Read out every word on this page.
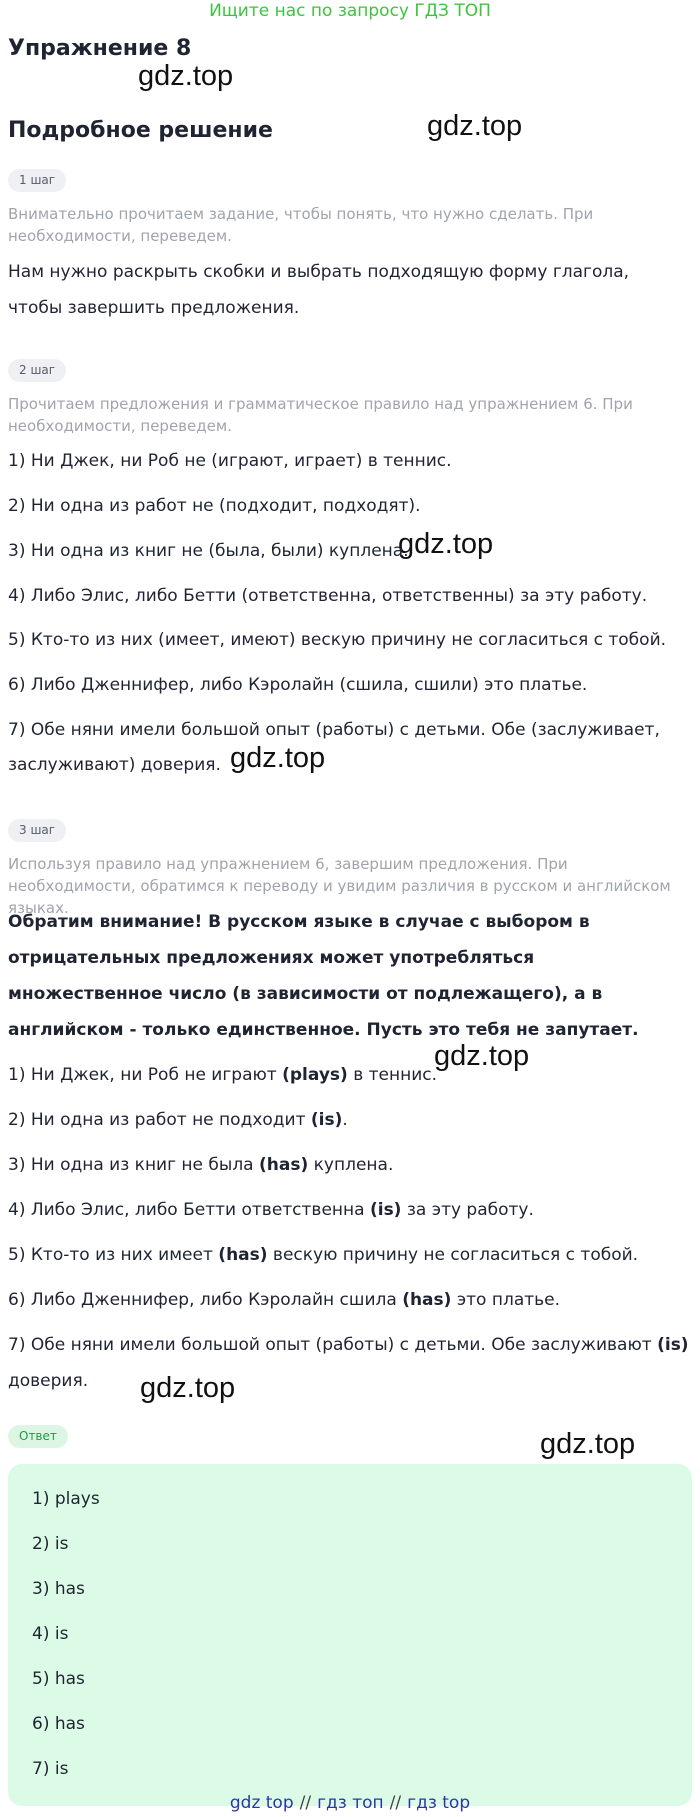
Ищите нас по запросу ГДЗ ТОП
Упражнение 8
Подробное решение
gdz.top
gdz.top
gdz.top
gdz.top
gdz.top
gdz.top
gdz.top
1 шаг
Внимательно прочитаем задание, чтобы понять, что нужно сделать. При необходимости, переведем.
Нам нужно раскрыть скобки и выбрать подходящую форму глагола, чтобы завершить предложения.
2 шаг
Прочитаем предложения и грамматическое правило над упражнением 6. При необходимости, переведем.
1) Ни Джек, ни Роб не (играют, играет) в теннис.
2) Ни одна из работ не (подходит, подходят).
3) Ни одна из книг не (была, были) куплена.
4) Либо Элис, либо Бетти (ответственна, ответственны) за эту работу.
5) Кто-то из них (имеет, имеют) вескую причину не согласиться с тобой.
6) Либо Дженнифер, либо Кэролайн (сшила, сшили) это платье.
7) Обе няни имели большой опыт (работы) с детьми. Обе (заслуживает,
заслуживают) доверия.
3 шаг
Используя правило над упражнением 6, завершим предложения. При необходимости, обратимся к переводу и увидим различия в русском и английском языках.
Обратим внимание! В русском языке в случае с выбором в отрицательных предложениях может употребляться множественное число (в зависимости от подлежащего), а в английском - только единственное. Пусть это тебя не запутает.
1) Ни Джек, ни Роб не играют (plays) в теннис.
2) Ни одна из работ не подходит (is).
3) Ни одна из книг не была (has) куплена.
4) Либо Элис, либо Бетти ответственна (is) за эту работу.
5) Кто-то из них имеет (has) вескую причину не согласиться с тобой.
6) Либо Дженнифер, либо Кэролайн сшила (has) это платье.
7) Обе няни имели большой опыт (работы) с детьми. Обе заслуживают (is)
доверия.
Ответ
1) plays
2) is
3) has
4) is
5) has
6) has
7) is
gdz top // гдз топ // гдз top
